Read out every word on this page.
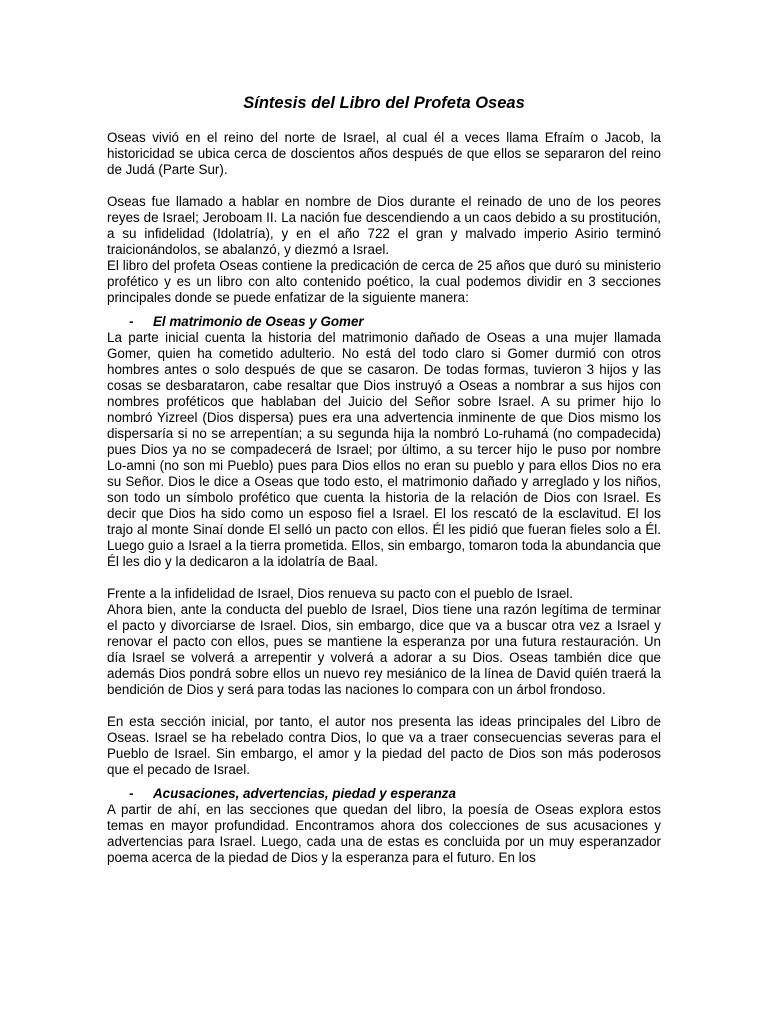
Síntesis del Libro del Profeta Oseas

Oseas vivió en el reino del norte de Israel, al cual él a veces llama Efraím o Jacob, la historicidad se ubica cerca de doscientos años después de que ellos se separaron del reino de Judá (Parte Sur).

Oseas fue llamado a hablar en nombre de Dios durante el reinado de uno de los peores reyes de Israel; Jeroboam II. La nación fue descendiendo a un caos debido a su prostitución, a su infidelidad (Idolatría), y en el año 722 el gran y malvado imperio Asirio terminó traicionándolos, se abalanzó, y diezmó a Israel.

El libro del profeta Oseas contiene la predicación de cerca de 25 años que duró su ministerio profético y es un libro con alto contenido poético, la cual podemos dividir en 3 secciones principales donde se puede enfatizar de la siguiente manera:

-	El matrimonio de Oseas y Gomer

La parte inicial cuenta la historia del matrimonio dañado de Oseas a una mujer llamada Gomer, quien ha cometido adulterio. No está del todo claro si Gomer durmió con otros hombres antes o solo después de que se casaron. De todas formas, tuvieron 3 hijos y las cosas se desbarataron, cabe resaltar que Dios instruyó a Oseas a nombrar a sus hijos con nombres proféticos que hablaban del Juicio del Señor sobre Israel. A su primer hijo lo nombró Yizreel (Dios dispersa) pues era una advertencia inminente de que Dios mismo los dispersaría si no se arrepentían; a su segunda hija la nombró Lo-ruhamá (no compadecida) pues Dios ya no se compadecerá de Israel; por último, a su tercer hijo le puso por nombre Lo-amni (no son mi Pueblo) pues para Dios ellos no eran su pueblo y para ellos Dios no era su Señor. Dios le dice a Oseas que todo esto, el matrimonio dañado y arreglado y los niños, son todo un símbolo profético que cuenta la historia de la relación de Dios con Israel. Es decir que Dios ha sido como un esposo fiel a Israel. El los rescató de la esclavitud. El los trajo al monte Sinaí donde El selló un pacto con ellos. Él les pidió que fueran fieles solo a Él. Luego guio a Israel a la tierra prometida. Ellos, sin embargo, tomaron toda la abundancia que Él les dio y la dedicaron a la idolatría de Baal.

Frente a la infidelidad de Israel, Dios renueva su pacto con el pueblo de Israel.

Ahora bien, ante la conducta del pueblo de Israel, Dios tiene una razón legítima de terminar el pacto y divorciarse de Israel. Dios, sin embargo, dice que va a buscar otra vez a Israel y renovar el pacto con ellos, pues se mantiene la esperanza por una futura restauración. Un día Israel se volverá a arrepentir y volverá a adorar a su Dios. Oseas también dice que además Dios pondrá sobre ellos un nuevo rey mesiánico de la línea de David quién traerá la bendición de Dios y será para todas las naciones lo compara con un árbol frondoso.

En esta sección inicial, por tanto, el autor nos presenta las ideas principales del Libro de Oseas. Israel se ha rebelado contra Dios, lo que va a traer consecuencias severas para el Pueblo de Israel. Sin embargo, el amor y la piedad del pacto de Dios son más poderosos que el pecado de Israel.

-	Acusaciones, advertencias, piedad y esperanza

A partir de ahí, en las secciones que quedan del libro, la poesía de Oseas explora estos temas en mayor profundidad. Encontramos ahora dos colecciones de sus acusaciones y advertencias para Israel. Luego, cada una de estas es concluida por un muy esperanzador poema acerca de la piedad de Dios y la esperanza para el futuro. En los
